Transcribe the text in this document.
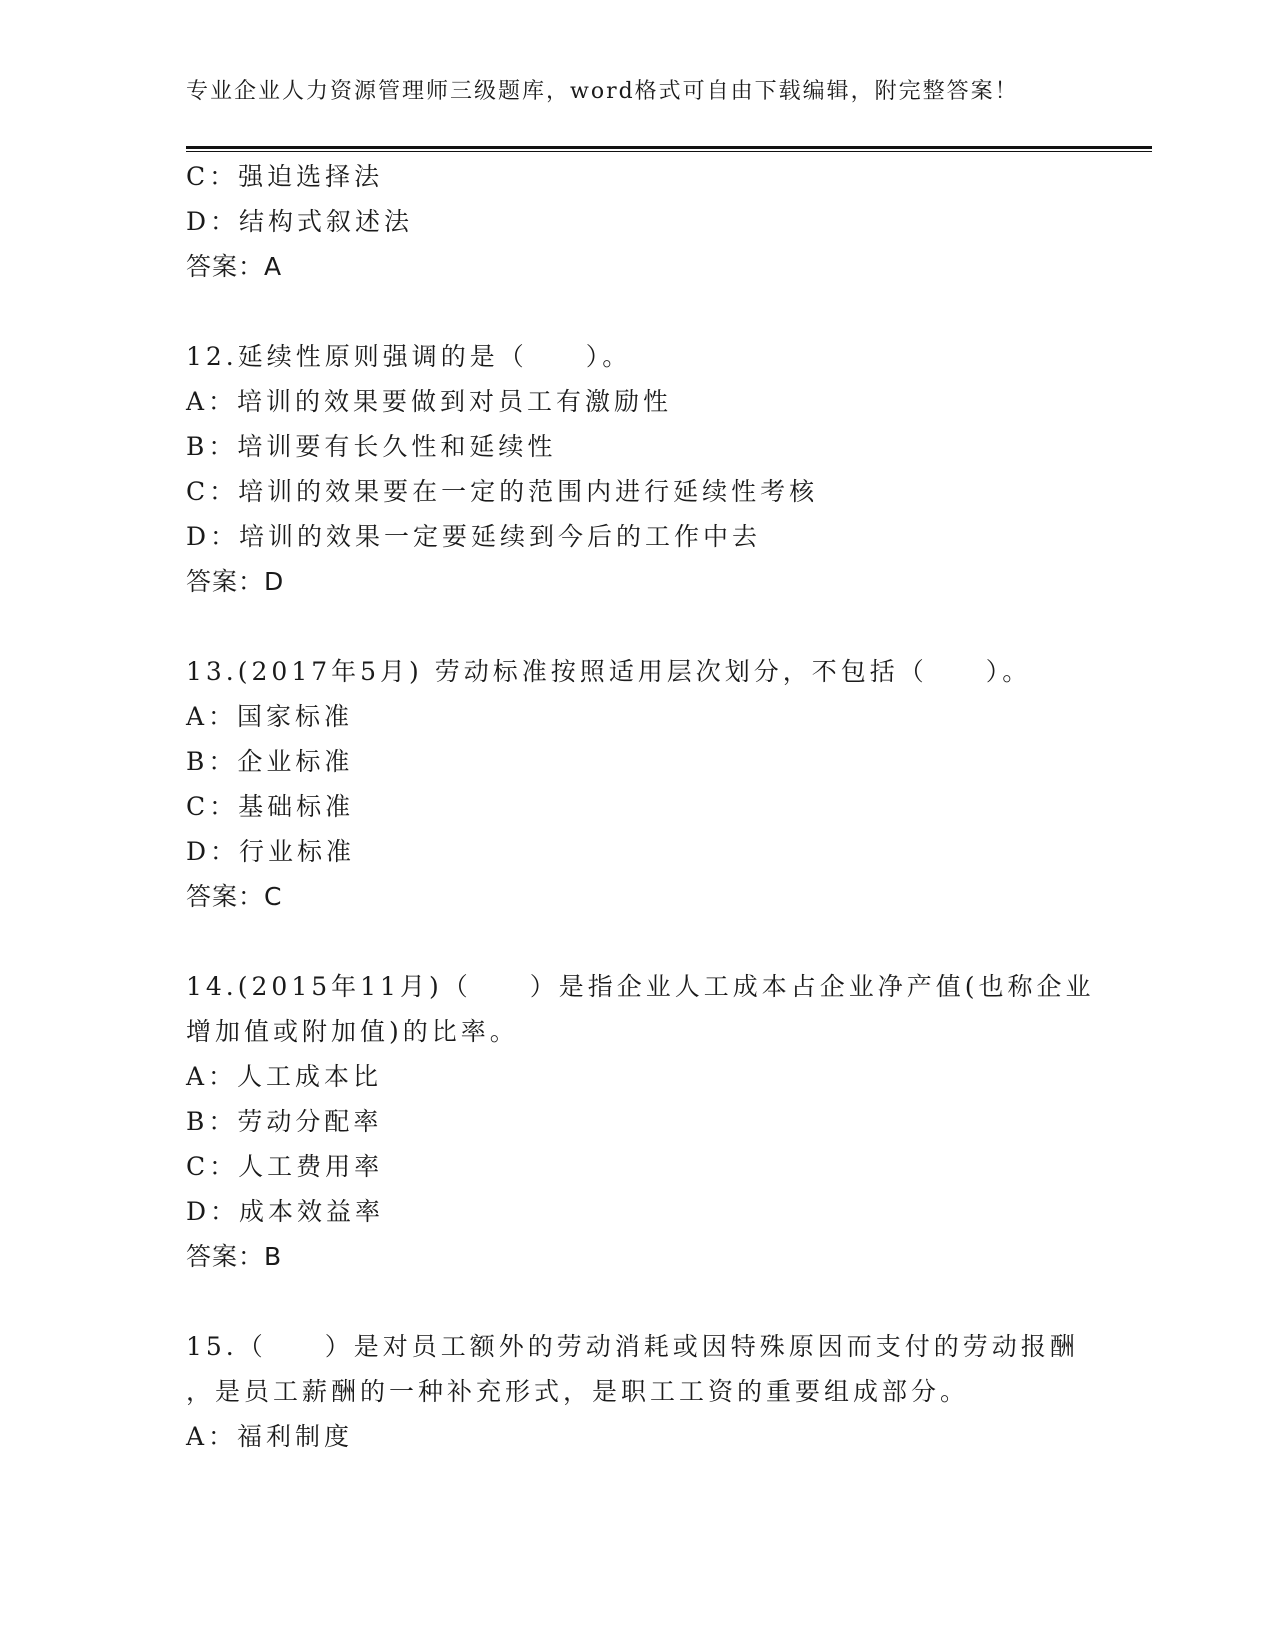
专业企业人力资源管理师三级题库，word格式可自由下载编辑，附完整答案！
C：强迫选择法
D：结构式叙述法
答案：A
12.延续性原则强调的是（　　）。
A：培训的效果要做到对员工有激励性
B：培训要有长久性和延续性
C：培训的效果要在一定的范围内进行延续性考核
D：培训的效果一定要延续到今后的工作中去
答案：D
13.(2017年5月) 劳动标准按照适用层次划分，不包括（　　）。
A：国家标准
B：企业标准
C：基础标准
D：行业标准
答案：C
14.(2015年11月)（　　）是指企业人工成本占企业净产值(也称企业
增加值或附加值)的比率。
A：人工成本比
B：劳动分配率
C：人工费用率
D：成本效益率
答案：B
15.（　　）是对员工额外的劳动消耗或因特殊原因而支付的劳动报酬
，是员工薪酬的一种补充形式，是职工工资的重要组成部分。
A：福利制度
